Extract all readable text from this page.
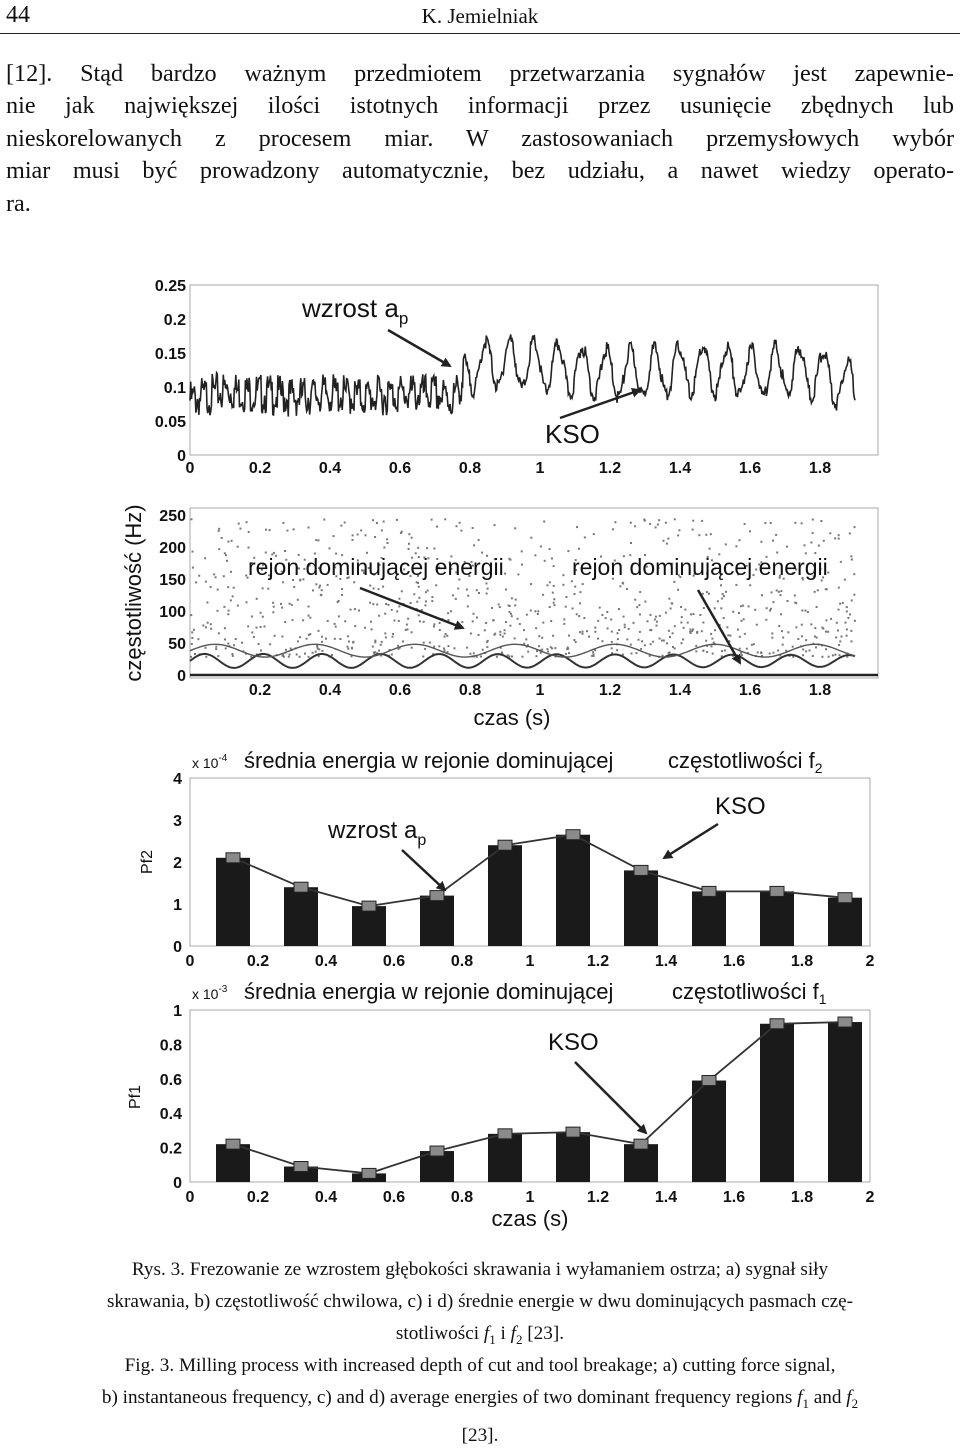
44	K. Jemielniak
[12]. Stąd bardzo ważnym przedmiotem przetwarzania sygnałów jest zapewnie-
nie jak największej ilości istotnych informacji przez usunięcie zbędnych lub
nieskorelowanych z procesem miar. W zastosowaniach przemysłowych wybór
miar musi być prowadzony automatycznie, bez udziału, a nawet wiedzy operato-
ra.
0.25
0.2
0.15
0.1
0.05
0
0	0.2	0.4	0.6	0.8	1	1.2	1.4	1.6	1.8
wzrost $a_p$
KSO
250
200
150
100
50
0
0.2	0.4	0.6	0.8	1	1.2	1.4	1.6	1.8
częstotliwość (Hz)
czas (s)
rejon dominującej energii	rejon dominującej energii
x $10^{-4}$ średnia energia w rejonie dominującej częstotliwości $f_2$
4
3
2
1
0
0	0.2	0.4	0.6	0.8	1	1.2	1.4	1.6	1.8	2
Pf2
wzrost $a_p$
KSO
x $10^{-3}$ średnia energia w rejonie dominującej	częstotliwości $f_1$
1
0.8
0.6
0.4
0.2
0
0	0.2	0.4	0.6	0.8	1	1.2	1.4	1.6	1.8	2
Pf1
czas (s)
KSO
Rys. 3. Frezowanie ze wzrostem głębokości skrawania i wyłamaniem ostrza; a) sygnał siły
skrawania, b) częstotliwość chwilowa, c) i d) średnie energie w dwu dominujących pasmach czę-
stotliwości $f_1$ i $f_2$ [23].
Fig. 3. Milling process with increased depth of cut and tool breakage; a) cutting force signal,
b) instantaneous frequency, c) and d) average energies of two dominant frequency regions $f_1$ and $f_2$
[23].
